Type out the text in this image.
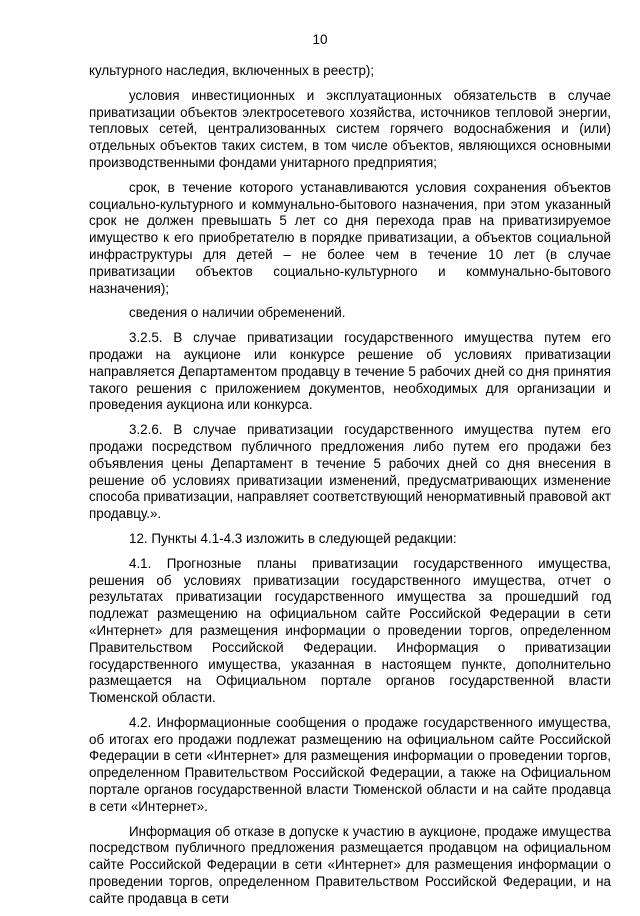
10

культурного наследия, включенных в реестр);

условия инвестиционных и эксплуатационных обязательств в случае приватизации объектов электросетевого хозяйства, источников тепловой энергии, тепловых сетей, централизованных систем горячего водоснабжения и (или) отдельных объектов таких систем, в том числе объектов, являющихся основными производственными фондами унитарного предприятия;

срок, в течение которого устанавливаются условия сохранения объектов социально-культурного и коммунально-бытового назначения, при этом указанный срок не должен превышать 5 лет со дня перехода прав на приватизируемое имущество к его приобретателю в порядке приватизации, а объектов социальной инфраструктуры для детей – не более чем в течение 10 лет (в случае приватизации объектов социально-культурного и коммунально-бытового назначения);

сведения о наличии обременений.

3.2.5. В случае приватизации государственного имущества путем его продажи на аукционе или конкурсе решение об условиях приватизации направляется Департаментом продавцу в течение 5 рабочих дней со дня принятия такого решения с приложением документов, необходимых для организации и проведения аукциона или конкурса.

3.2.6. В случае приватизации государственного имущества путем его продажи посредством публичного предложения либо путем его продажи без объявления цены Департамент в течение 5 рабочих дней со дня внесения в решение об условиях приватизации изменений, предусматривающих изменение способа приватизации, направляет соответствующий ненормативный правовой акт продавцу.».

12. Пункты 4.1-4.3 изложить в следующей редакции:

4.1. Прогнозные планы приватизации государственного имущества, решения об условиях приватизации государственного имущества, отчет о результатах приватизации государственного имущества за прошедший год подлежат размещению на официальном сайте Российской Федерации в сети «Интернет» для размещения информации о проведении торгов, определенном Правительством Российской Федерации. Информация о приватизации государственного имущества, указанная в настоящем пункте, дополнительно размещается на Официальном портале органов государственной власти Тюменской области.

4.2. Информационные сообщения о продаже государственного имущества, об итогах его продажи подлежат размещению на официальном сайте Российской Федерации в сети «Интернет» для размещения информации о проведении торгов, определенном Правительством Российской Федерации, а также на Официальном портале органов государственной власти Тюменской области и на сайте продавца в сети «Интернет».

Информация об отказе в допуске к участию в аукционе, продаже имущества посредством публичного предложения размещается продавцом на официальном сайте Российской Федерации в сети «Интернет» для размещения информации о проведении торгов, определенном Правительством Российской Федерации, и на сайте продавца в сети
